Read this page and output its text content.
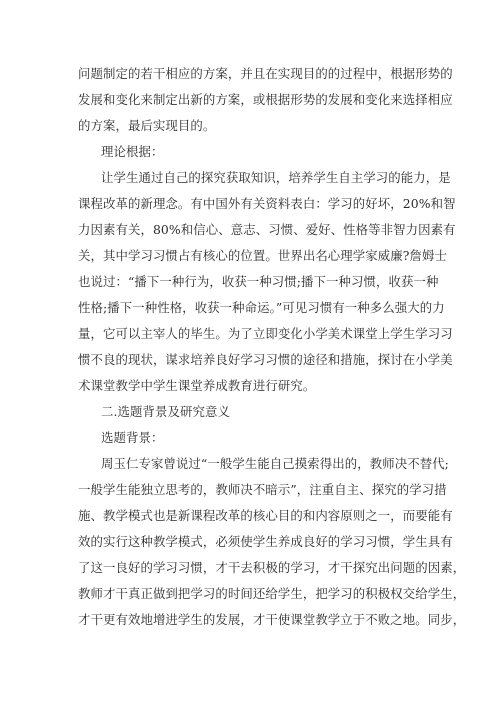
问题制定的若干相应的方案，并且在实现目的的过程中，根据形势的
发展和变化来制定出新的方案，或根据形势的发展和变化来选择相应
的方案，最后实现目的。
理论根据：
让学生通过自己的探究获取知识，培养学生自主学习的能力，是
课程改革的新理念。有中国外有关资料表白：学习的好坏，20%和智
力因素有关，80%和信心、意志、习惯、爱好、性格等非智力因素有
关，其中学习习惯占有核心的位置。世界出名心理学家威廉?詹姆士
也说过：“播下一种行为，收获一种习惯;播下一种习惯，收获一种
性格;播下一种性格，收获一种命运。”可见习惯有一种多么强大的力
量，它可以主宰人的毕生。为了立即变化小学美术课堂上学生学习习
惯不良的现状，谋求培养良好学习习惯的途径和措施，探讨在小学美
术课堂教学中学生课堂养成教育进行研究。
二.选题背景及研究意义
选题背景：
周玉仁专家曾说过“一般学生能自己摸索得出的，教师决不替代;
一般学生能独立思考的，教师决不暗示”，注重自主、探究的学习措
施、教学模式也是新课程改革的核心目的和内容原则之一，而要能有
效的实行这种教学模式，必须使学生养成良好的学习习惯，学生具有
了这一良好的学习习惯，才干去积极的学习，才干探究出问题的因素，
教师才干真正做到把学习的时间还给学生，把学习的积极权交给学生，
才干更有效地增进学生的发展，才干使课堂教学立于不败之地。同步，
